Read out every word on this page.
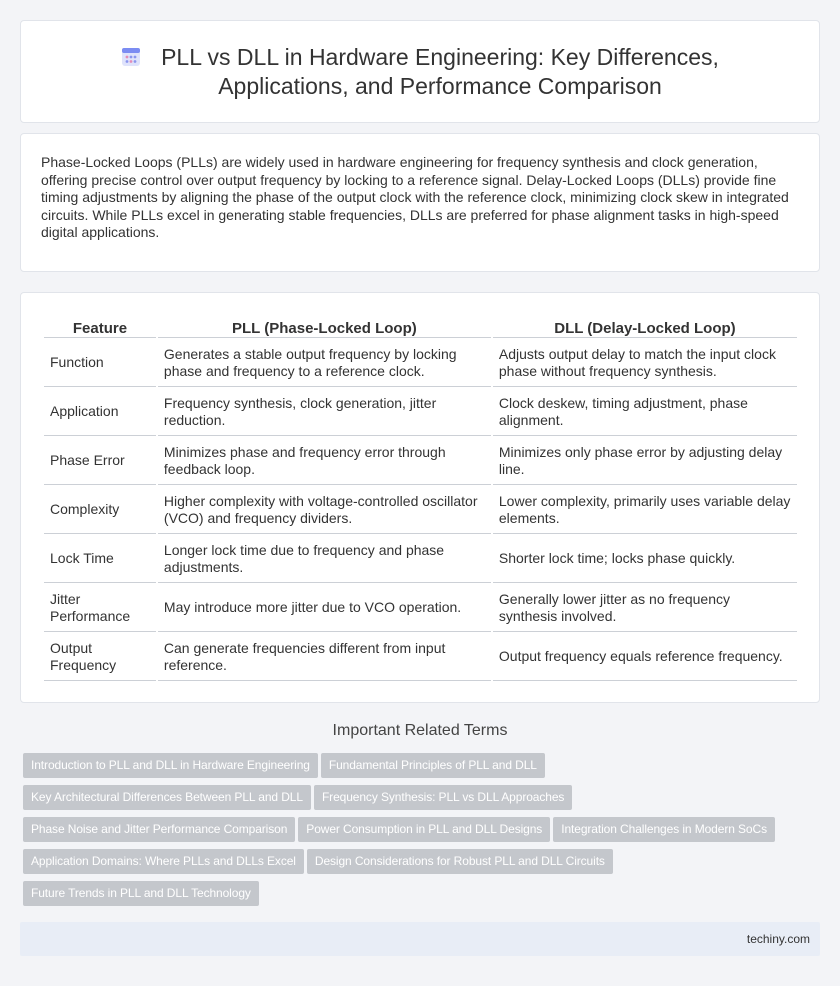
PLL vs DLL in Hardware Engineering: Key Differences, Applications, and Performance Comparison

Phase-Locked Loops (PLLs) are widely used in hardware engineering for frequency synthesis and clock generation, offering precise control over output frequency by locking to a reference signal. Delay-Locked Loops (DLLs) provide fine timing adjustments by aligning the phase of the output clock with the reference clock, minimizing clock skew in integrated circuits. While PLLs excel in generating stable frequencies, DLLs are preferred for phase alignment tasks in high-speed digital applications.

Feature	PLL (Phase-Locked Loop)	DLL (Delay-Locked Loop)
Function	Generates a stable output frequency by locking phase and frequency to a reference clock.	Adjusts output delay to match the input clock phase without frequency synthesis.
Application	Frequency synthesis, clock generation, jitter reduction.	Clock deskew, timing adjustment, phase alignment.
Phase Error	Minimizes phase and frequency error through feedback loop.	Minimizes only phase error by adjusting delay line.
Complexity	Higher complexity with voltage-controlled oscillator (VCO) and frequency dividers.	Lower complexity, primarily uses variable delay elements.
Lock Time	Longer lock time due to frequency and phase adjustments.	Shorter lock time; locks phase quickly.
Jitter Performance	May introduce more jitter due to VCO operation.	Generally lower jitter as no frequency synthesis involved.
Output Frequency	Can generate frequencies different from input reference.	Output frequency equals reference frequency.
Important Related Terms
Introduction to PLL and DLL in Hardware Engineering Fundamental Principles of PLL and DLL
Key Architectural Differences Between PLL and DLL Frequency Synthesis: PLL vs DLL Approaches
Phase Noise and Jitter Performance Comparison Power Consumption in PLL and DLL Designs Integration Challenges in Modern SoCs
Application Domains: Where PLLs and DLLs Excel Design Considerations for Robust PLL and DLL Circuits
Future Trends in PLL and DLL Technology
techiny.com
